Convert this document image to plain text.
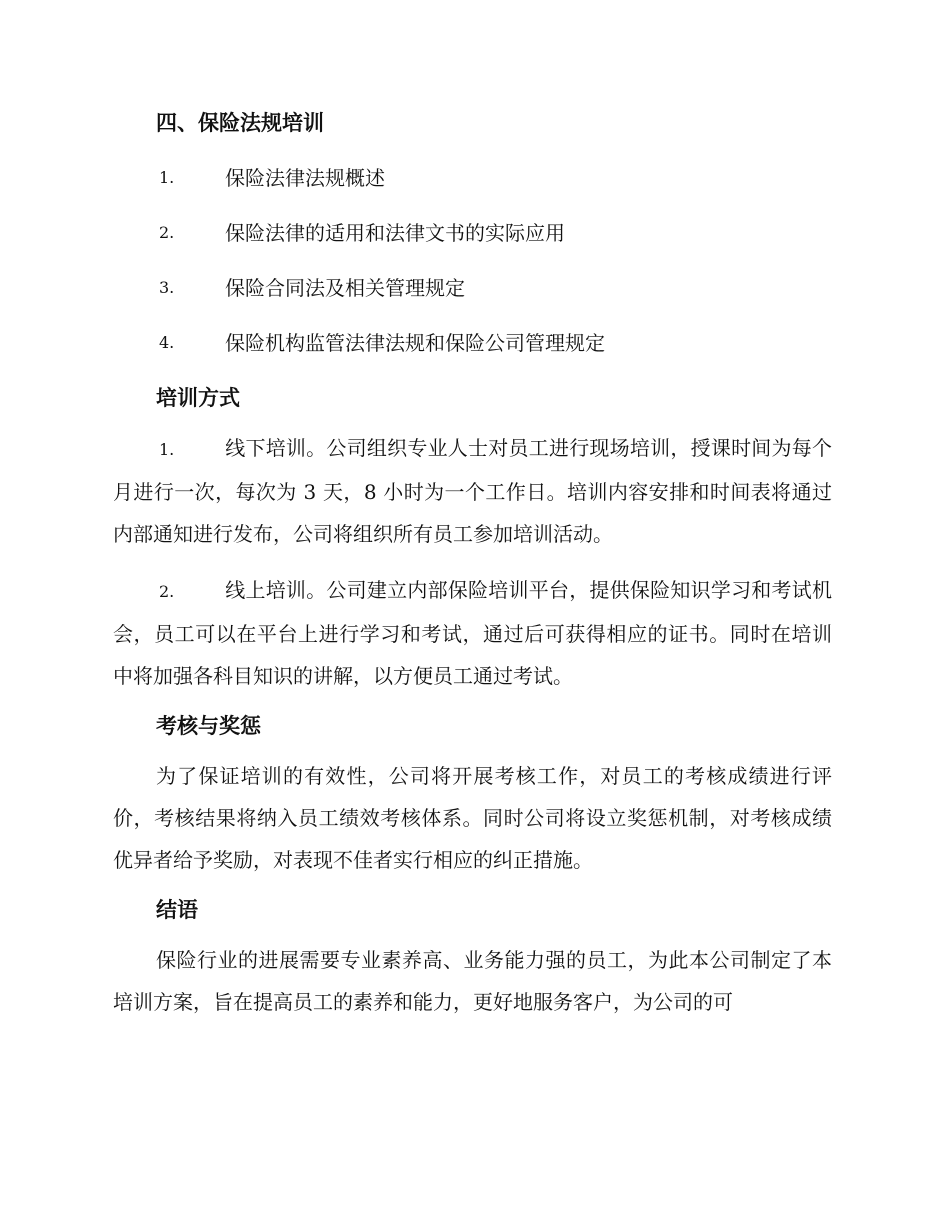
四、保险法规培训
1.	保险法律法规概述
2.	保险法律的适用和法律文书的实际应用
3.	保险合同法及相关管理规定
4.	保险机构监管法律法规和保险公司管理规定
培训方式

1.	线下培训。公司组织专业人士对员工进行现场培训，授课时间为每个月进行一次，每次为 3 天，8 小时为一个工作日。培训内容安排和时间表将通过内部通知进行发布，公司将组织所有员工参加培训活动。

2.	线上培训。公司建立内部保险培训平台，提供保险知识学习和考试机会，员工可以在平台上进行学习和考试，通过后可获得相应的证书。同时在培训中将加强各科目知识的讲解，以方便员工通过考试。

考核与奖惩

为了保证培训的有效性，公司将开展考核工作，对员工的考核成绩进行评价，考核结果将纳入员工绩效考核体系。同时公司将设立奖惩机制，对考核成绩优异者给予奖励，对表现不佳者实行相应的纠正措施。

结语

保险行业的进展需要专业素养高、业务能力强的员工，为此本公司制定了本培训方案，旨在提高员工的素养和能力，更好地服务客户，为公司的可
